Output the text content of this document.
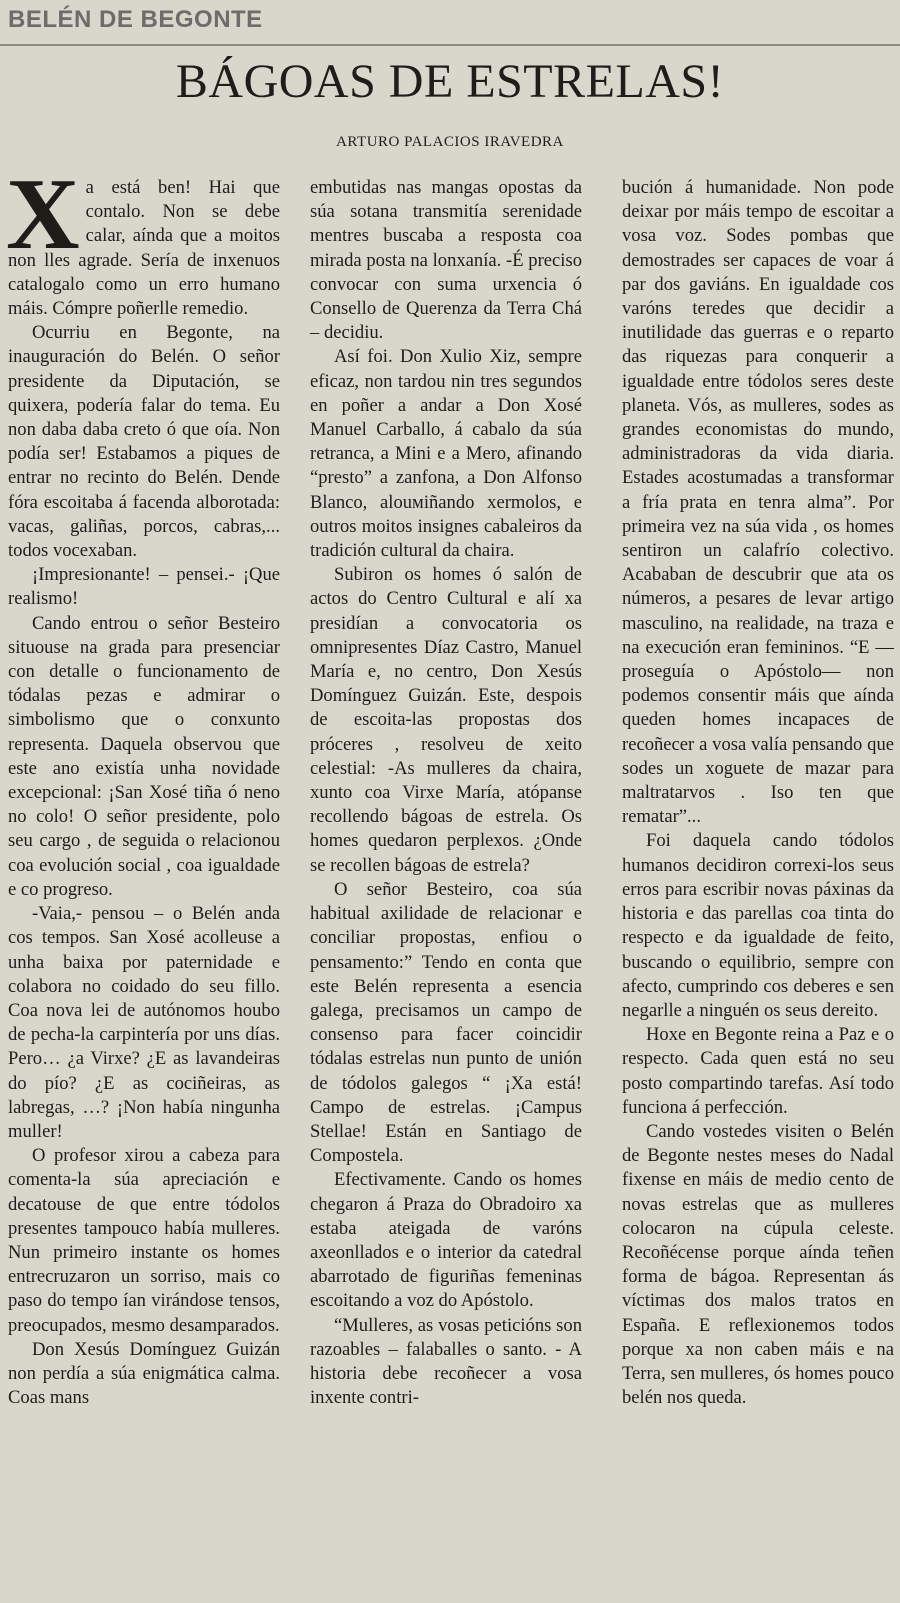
BELÉN DE BEGONTE
BÁGOAS DE ESTRELAS!
ARTURO PALACIOS IRAVEDRA

Xa está ben! Hai que contalo. Non se debe calar, aínda que a moitos non lles agrade. Sería de inxenuos catalogalo como un erro humano máis. Cómpre poñerlle remedio.

Ocurriu en Begonte, na inauguración do Belén. O señor presidente da Diputación, se quixera, podería falar do tema. Eu non daba daba creto ó que oía. Non podía ser! Estabamos a piques de entrar no recinto do Belén. Dende fóra escoitaba á facenda alborotada: vacas, galiñas, porcos, cabras,... todos vocexaban.

¡Impresionante! – pensei.- ¡Que realismo!

Cando entrou o señor Besteiro situouse na grada para presenciar con detalle o funcionamento de tódalas pezas e admirar o simbolismo que o conxunto representa. Daquela observou que este ano existía unha novidade excepcional: ¡San Xosé tiña ó neno no colo! O señor presidente, polo seu cargo , de seguida o relacionou coa evolución social , coa igualdade e co progreso.

-Vaia,- pensou – o Belén anda cos tempos. San Xosé acolleuse a unha baixa por paternidade e colabora no coidado do seu fillo. Coa nova lei de autónomos houbo de pecha-la carpintería por uns días. Pero… ¿a Virxe? ¿E as lavandeiras do pío? ¿E as cociñeiras, as labregas, …? ¡Non había ningunha muller!

O profesor xirou a cabeza para comenta-la súa apreciación e decatouse de que entre tódolos presentes tampouco había mulleres. Nun primeiro instante os homes entrecruzaron un sorriso, mais co paso do tempo ían virándose tensos, preocupados, mesmo desamparados.

Don Xesús Domínguez Guizán non perdía a súa enigmática calma. Coas mans

embutidas nas mangas opostas da súa sotana transmitía serenidade mentres buscaba a resposta coa mirada posta na lonxanía. -É preciso convocar con suma urxencia ó Consello de Querenza da Terra Chá – decidiu.

Así foi. Don Xulio Xiz, sempre eficaz, non tardou nin tres segundos en poñer a andar a Don Xosé Manuel Carballo, á cabalo da súa retranca, a Mini e a Mero, afinando “presto” a zanfona, a Don Alfonso Blanco, alouміñando xermolos, e outros moitos insignes cabaleiros da tradición cultural da chaira.

Subiron os homes ó salón de actos do Centro Cultural e alí xa presidían a convocatoria os omnipresentes Díaz Castro, Manuel María e, no centro, Don Xesús Domínguez Guizán. Este, despois de escoita-las propostas dos próceres , resolveu de xeito celestial: -As mulleres da chaira, xunto coa Virxe María, atópanse recollendo bágoas de estrela. Os homes quedaron perplexos. ¿Onde se recollen bágoas de estrela?

O señor Besteiro, coa súa habitual axilidade de relacionar e conciliar propostas, enfiou o pensamento:” Tendo en conta que este Belén representa a esencia galega, precisamos un campo de consenso para facer coincidir tódalas estrelas nun punto de unión de tódolos galegos “ ¡Xa está! Campo de estrelas. ¡Campus Stellae! Están en Santiago de Compostela.

Efectivamente. Cando os homes chegaron á Praza do Obradoiro xa estaba ateigada de varóns axeonllados e o interior da catedral abarrotado de figuriñas femeninas escoitando a voz do Apóstolo.

“Mulleres, as vosas peticións son razoables – falaballes o santo. - A historia debe recoñecer a vosa inxente contri-

bución á humanidade. Non pode deixar por máis tempo de escoitar a vosa voz. Sodes pombas que demostrades ser capaces de voar á par dos gaviáns. En igualdade cos varóns teredes que decidir a inutilidade das guerras e o reparto das riquezas para conquerir a igualdade entre tódolos seres deste planeta. Vós, as mulleres, sodes as grandes economistas do mundo, administradoras da vida diaria. Estades acostumadas a transformar a fría prata en tenra alma”. Por primeira vez na súa vida , os homes sentiron un calafrío colectivo. Acababan de descubrir que ata os números, a pesares de levar artigo masculino, na realidade, na traza e na execución eran femininos. “E —proseguía o Apóstolo— non podemos consentir máis que aínda queden homes incapaces de recoñecer a vosa valía pensando que sodes un xoguete de mazar para maltratarvos . Iso ten que rematar”...

Foi daquela cando tódolos humanos decidiron correxi-los seus erros para escribir novas páxinas da historia e das parellas coa tinta do respecto e da igualdade de feito, buscando o equilibrio, sempre con afecto, cumprindo cos deberes e sen negarlle a ninguén os seus dereito.

Hoxe en Begonte reina a Paz e o respecto. Cada quen está no seu posto compartindo tarefas. Así todo funciona á perfección.

Cando vostedes visiten o Belén de Begonte nestes meses do Nadal fixense en máis de medio cento de novas estrelas que as mulleres colocaron na cúpula celeste. Recoñécense porque aínda teñen forma de bágoa. Representan ás víctimas dos malos tratos en España. E reflexionemos todos porque xa non caben máis e na Terra, sen mulleres, ós homes pouco belén nos queda.
